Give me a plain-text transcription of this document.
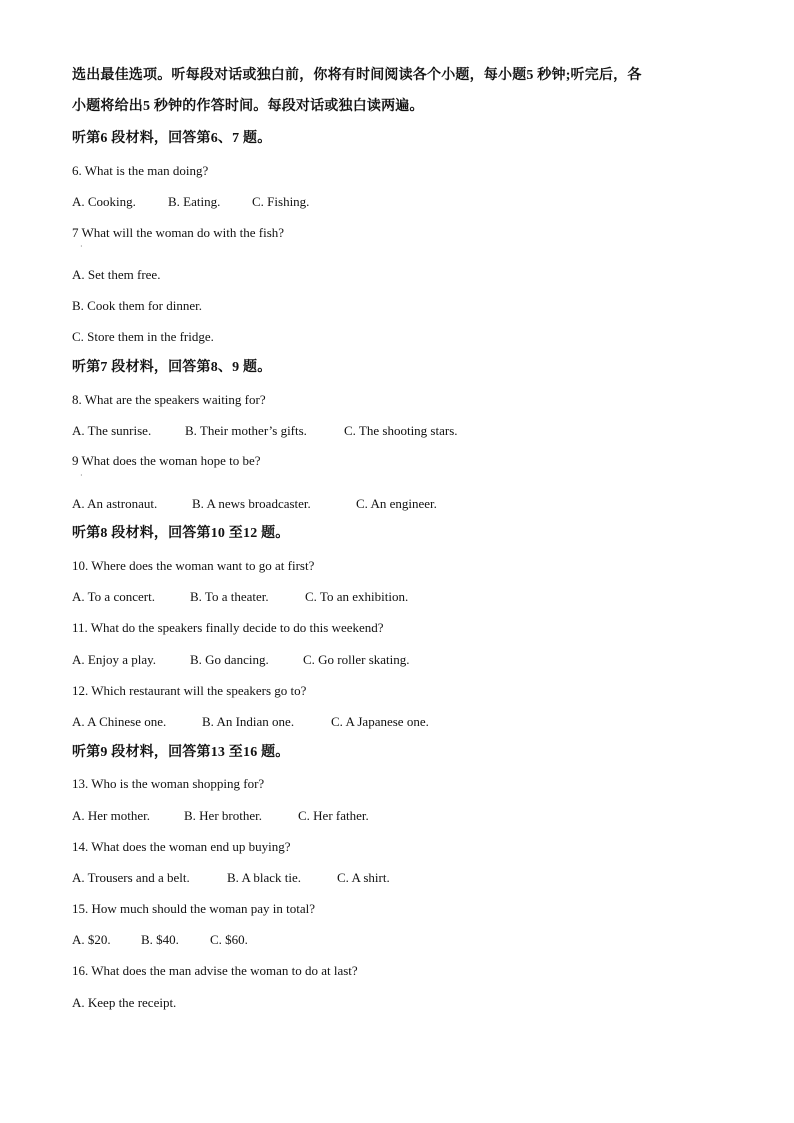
选出最佳选项。听每段对话或独白前，你将有时间阅读各个小题，每小题5 秒钟;听完后，各
小题将给出5 秒钟的作答时间。每段对话或独白读两遍。
听第6 段材料，回答第6、7 题。
6. What is the man doing?
A. Cooking. B. Eating. C. Fishing.
7 What will the woman do with the fish?
·
A. Set them free.
B. Cook them for dinner.
C. Store them in the fridge.
听第7 段材料，回答第8、9 题。
8. What are the speakers waiting for?
A. The sunrise.	B. Their mother’s gifts.	C. The shooting stars.
9 What does the woman hope to be?
·
A. An astronaut.	B. A news broadcaster.	C. An engineer.
听第8 段材料，回答第10 至12 题。
10. Where does the woman want to go at first?
A. To a concert.	B. To a theater.	C. To an exhibition.
11. What do the speakers finally decide to do this weekend?
A. Enjoy a play.	B. Go dancing.	C. Go roller skating.
12. Which restaurant will the speakers go to?
A. A Chinese one.	B. An Indian one.	C. A Japanese one.
听第9 段材料，回答第13 至16 题。
13. Who is the woman shopping for?
A. Her mother.	B. Her brother.	C. Her father.
14. What does the woman end up buying?
A. Trousers and a belt.	B. A black tie.	C. A shirt.
15. How much should the woman pay in total?
A. $20. B. $40. C. $60.
16. What does the man advise the woman to do at last?
A. Keep the receipt.
